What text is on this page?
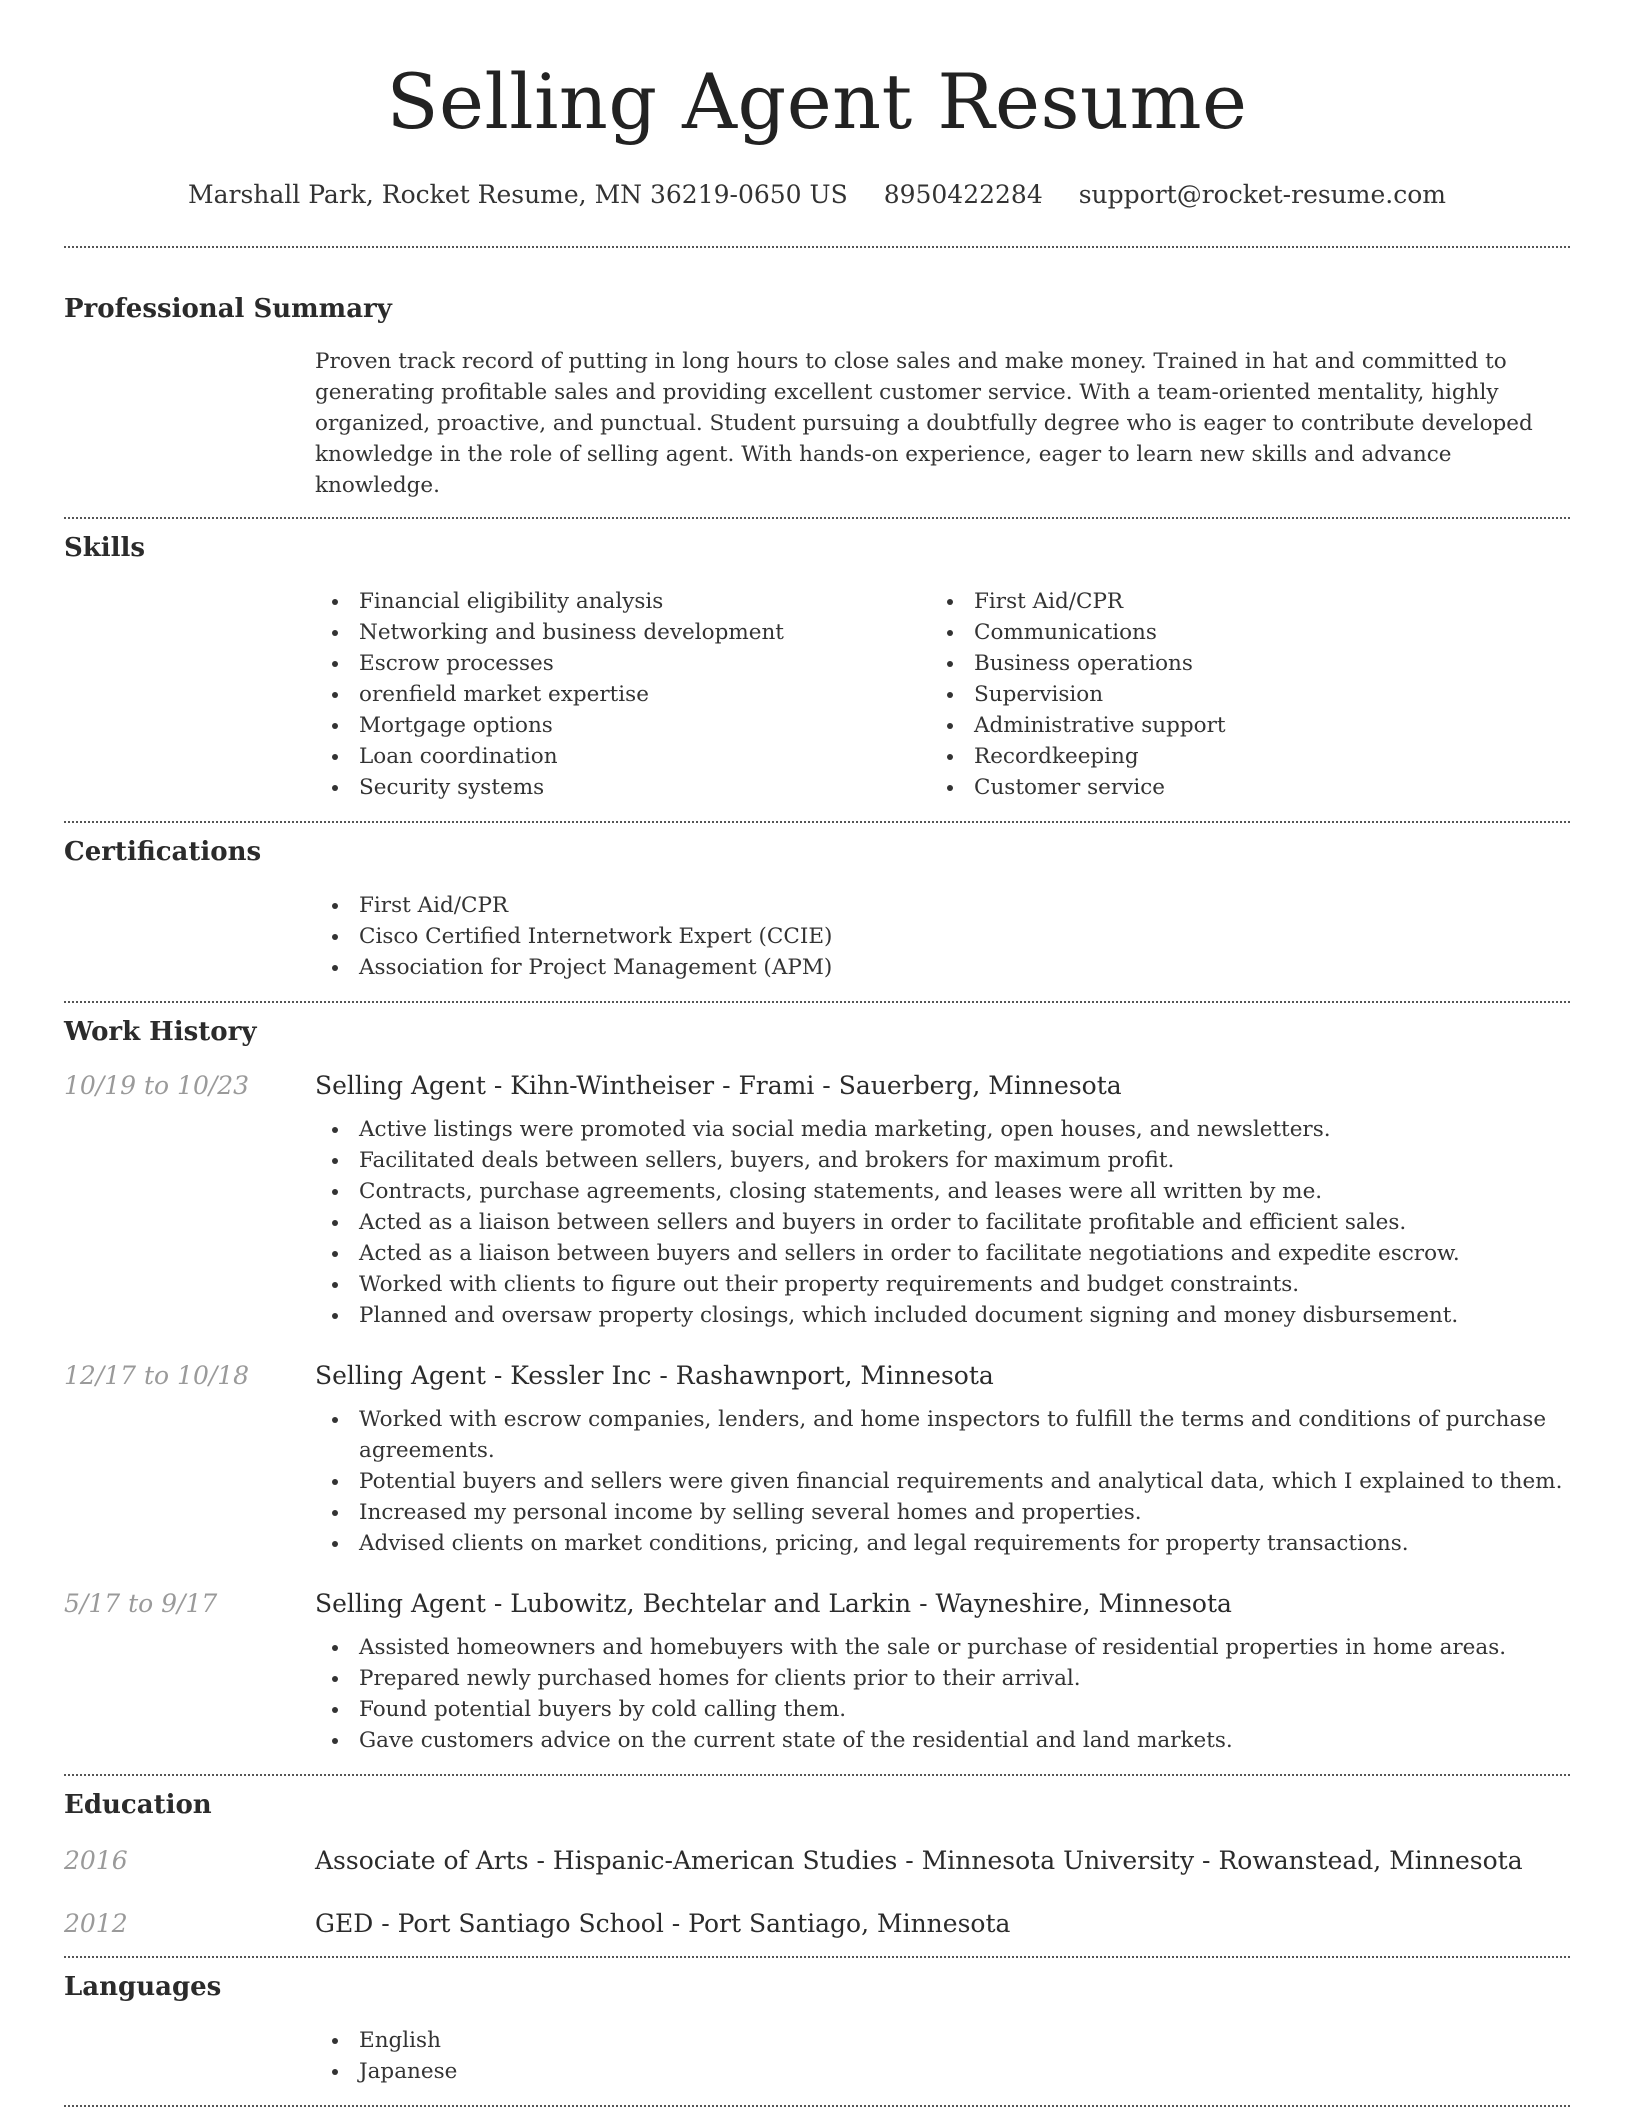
Selling Agent Resume
Marshall Park, Rocket Resume, MN 36219-0650 US 8950422284 support@rocket-resume.com
Professional Summary

Proven track record of putting in long hours to close sales and make money. Trained in hat and committed to generating profitable sales and providing excellent customer service. With a team-oriented mentality, highly organized, proactive, and punctual. Student pursuing a doubtfully degree who is eager to contribute developed knowledge in the role of selling agent. With hands-on experience, eager to learn new skills and advance knowledge.

Skills
Financial eligibility analysis
Networking and business development
Escrow processes
orenfield market expertise
Mortgage options
Loan coordination
Security systems
First Aid/CPR
Communications
Business operations
Supervision
Administrative support
Recordkeeping
Customer service
Certifications
First Aid/CPR
Cisco Certified Internetwork Expert (CCIE)
Association for Project Management (APM)
Work History
10/19 to 10/23	Selling Agent - Kihn-Wintheiser - Frami - Sauerberg, Minnesota
Active listings were promoted via social media marketing, open houses, and newsletters.
Facilitated deals between sellers, buyers, and brokers for maximum profit.
Contracts, purchase agreements, closing statements, and leases were all written by me.
Acted as a liaison between sellers and buyers in order to facilitate profitable and efficient sales.
Acted as a liaison between buyers and sellers in order to facilitate negotiations and expedite escrow.
Worked with clients to figure out their property requirements and budget constraints.
Planned and oversaw property closings, which included document signing and money disbursement.
12/17 to 10/18	Selling Agent - Kessler Inc - Rashawnport, Minnesota
Worked with escrow companies, lenders, and home inspectors to fulfill the terms and conditions of purchase agreements.
Potential buyers and sellers were given financial requirements and analytical data, which I explained to them.
Increased my personal income by selling several homes and properties.
Advised clients on market conditions, pricing, and legal requirements for property transactions.
5/17 to 9/17	Selling Agent - Lubowitz, Bechtelar and Larkin - Wayneshire, Minnesota
Assisted homeowners and homebuyers with the sale or purchase of residential properties in home areas.
Prepared newly purchased homes for clients prior to their arrival.
Found potential buyers by cold calling them.
Gave customers advice on the current state of the residential and land markets.
Education
2016	Associate of Arts - Hispanic-American Studies - Minnesota University - Rowanstead, Minnesota
2012	GED - Port Santiago School - Port Santiago, Minnesota
Languages
English
Japanese
